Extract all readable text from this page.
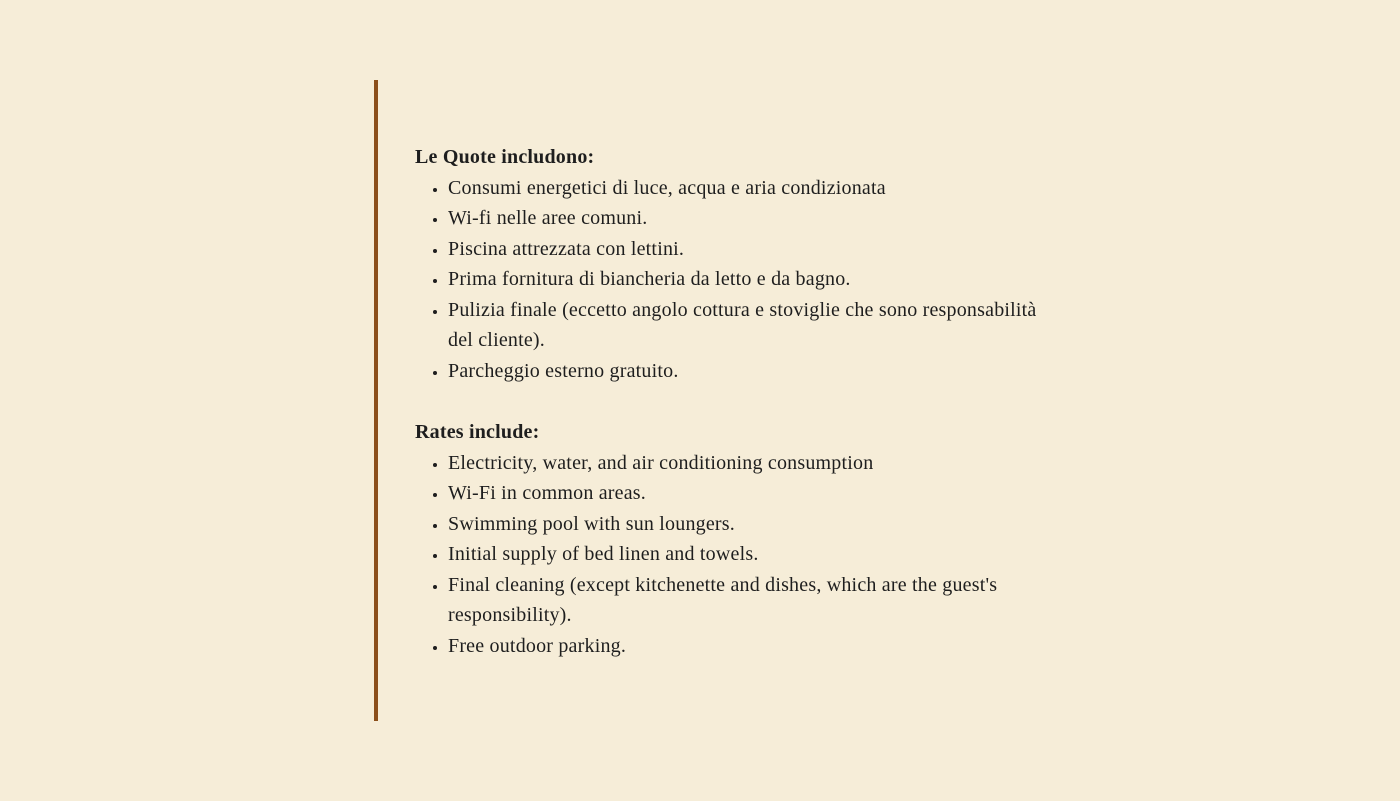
Le Quote includono:

• Consumi energetici di luce, acqua e aria condizionata
• Wi-fi nelle aree comuni.
• Piscina attrezzata con lettini.
• Prima fornitura di biancheria da letto e da bagno.
• Pulizia finale (eccetto angolo cottura e stoviglie che sono responsabilità del cliente).
• Parcheggio esterno gratuito.

Rates include:

• Electricity, water, and air conditioning consumption
• Wi-Fi in common areas.
• Swimming pool with sun loungers.
• Initial supply of bed linen and towels.
• Final cleaning (except kitchenette and dishes, which are the guest's responsibility).
• Free outdoor parking.
